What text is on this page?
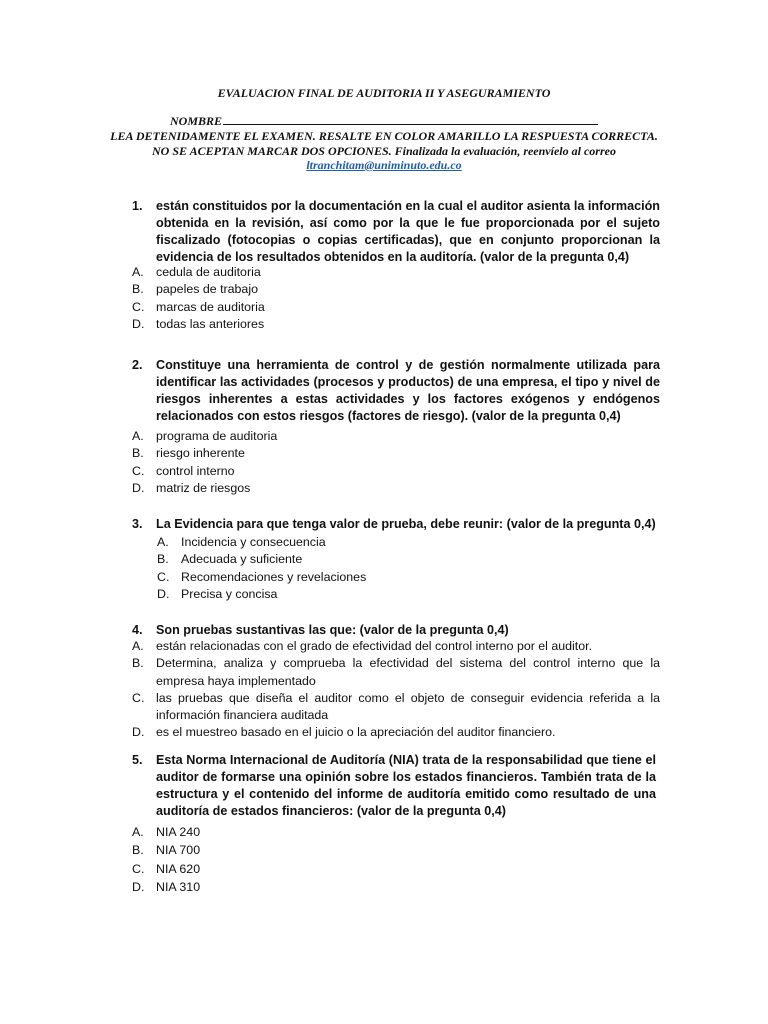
EVALUACION FINAL DE AUDITORIA II Y ASEGURAMIENTO
NOMBRE
LEA DETENIDAMENTE EL EXAMEN. RESALTE EN COLOR AMARILLO LA RESPUESTA CORRECTA.
NO SE ACEPTAN MARCAR DOS OPCIONES. Finalizada la evaluación, reenvíelo al correo
ltranchitam@uniminuto.edu.co
1. están constituidos por la documentación en la cual el auditor asienta la información obtenida en la revisión, así como por la que le fue proporcionada por el sujeto fiscalizado (fotocopias o copias certificadas), que en conjunto proporcionan la evidencia de los resultados obtenidos en la auditoría. (valor de la pregunta 0,4)
A. cedula de auditoria
B. papeles de trabajo
C. marcas de auditoria
D. todas las anteriores
2. Constituye una herramienta de control y de gestión normalmente utilizada para identificar las actividades (procesos y productos) de una empresa, el tipo y nivel de riesgos inherentes a estas actividades y los factores exógenos y endógenos relacionados con estos riesgos (factores de riesgo). (valor de la pregunta 0,4)
A. programa de auditoria
B. riesgo inherente
C. control interno
D. matriz de riesgos
3. La Evidencia para que tenga valor de prueba, debe reunir: (valor de la pregunta 0,4)
A. Incidencia y consecuencia
B. Adecuada y suficiente
C. Recomendaciones y revelaciones
D. Precisa y concisa
4. Son pruebas sustantivas las que: (valor de la pregunta 0,4)
A. están relacionadas con el grado de efectividad del control interno por el auditor.
B. Determina, analiza y comprueba la efectividad del sistema del control interno que la empresa haya implementado
C. las pruebas que diseña el auditor como el objeto de conseguir evidencia referida a la información financiera auditada
D. es el muestreo basado en el juicio o la apreciación del auditor financiero.
5. Esta Norma Internacional de Auditoría (NIA) trata de la responsabilidad que tiene el auditor de formarse una opinión sobre los estados financieros. También trata de la estructura y el contenido del informe de auditoría emitido como resultado de una auditoría de estados financieros: (valor de la pregunta 0,4)
A. NIA 240
B. NIA 700
C. NIA 620
D. NIA 310
